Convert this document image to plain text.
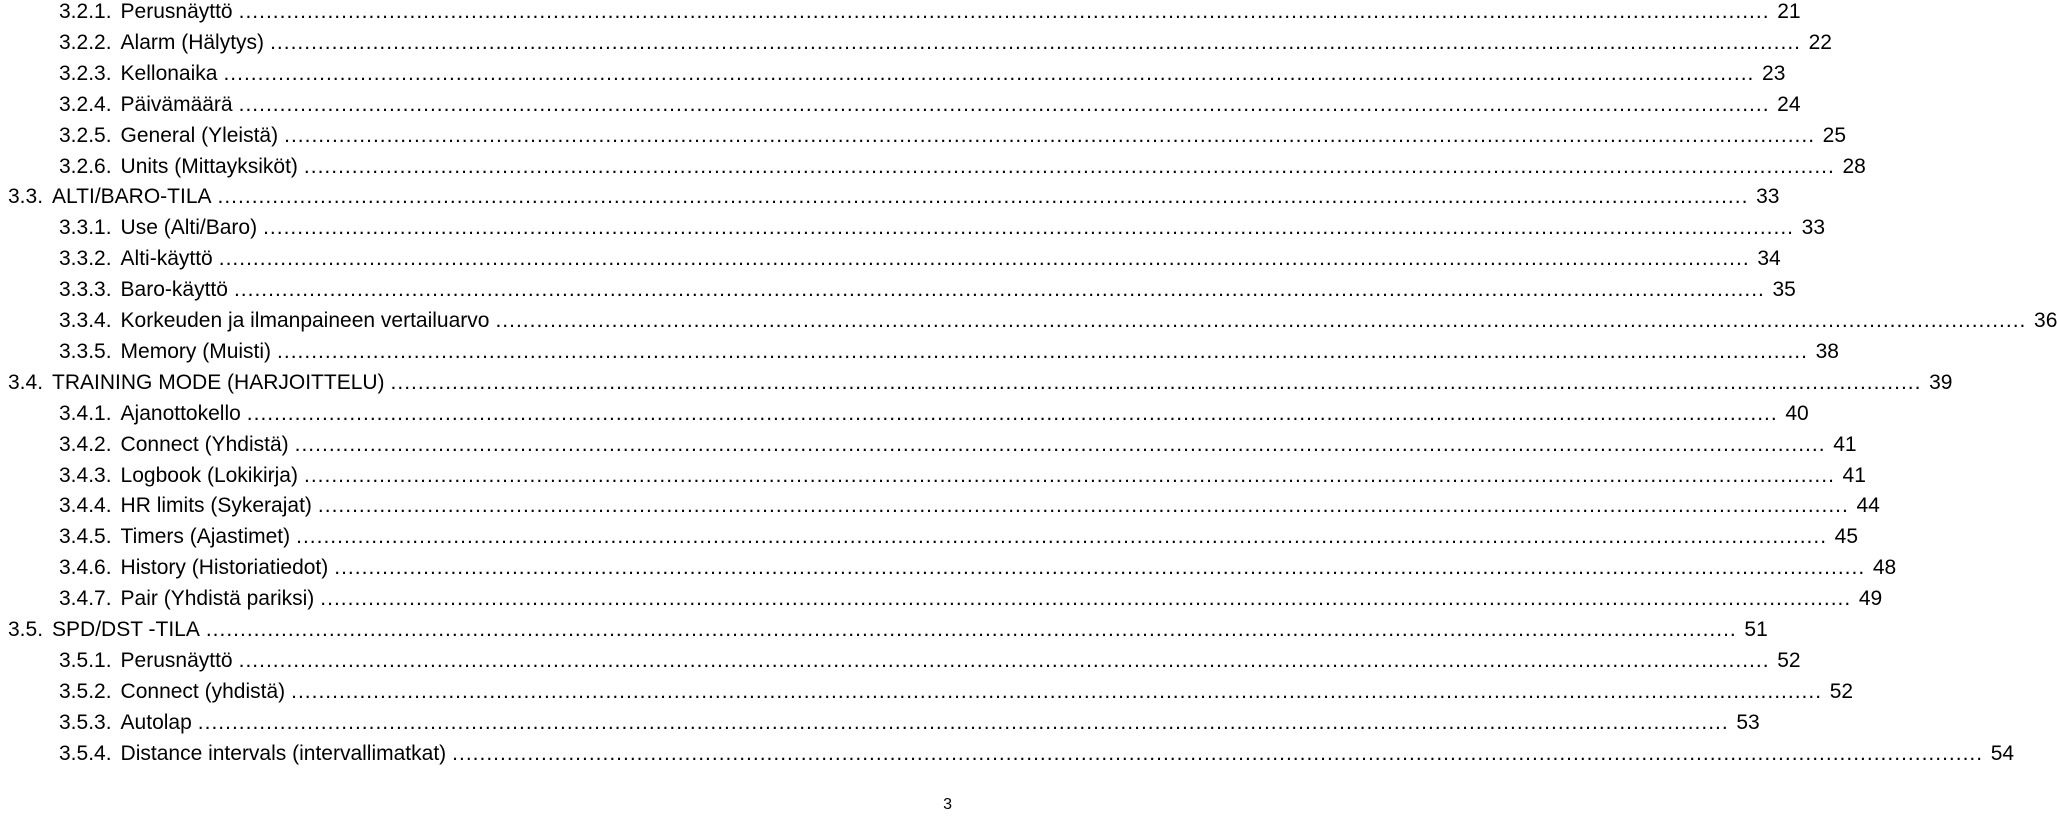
3.2.1. Perusnäyttö .....	21
3.2.2. Alarm (Hälytys) .....	22
3.2.3. Kellonaika .....	23
3.2.4. Päivämäärä .....	24
3.2.5. General (Yleistä) .....	25
3.2.6. Units (Mittayksiköt) .....	28
3.3. ALTI/BARO-TILA .....	33
3.3.1. Use (Alti/Baro) .....	33
3.3.2. Alti-käyttö .....	34
3.3.3. Baro-käyttö .....	35
3.3.4. Korkeuden ja ilmanpaineen vertailuarvo .....	36
3.3.5. Memory (Muisti) .....	38
3.4. TRAINING MODE (HARJOITTELU) .....	39
3.4.1. Ajanottokello .....	40
3.4.2. Connect (Yhdistä) .....	41
3.4.3. Logbook (Lokikirja) .....	41
3.4.4. HR limits (Sykerajat) .....	44
3.4.5. Timers (Ajastimet) .....	45
3.4.6. History (Historiatiedot) .....	48
3.4.7. Pair (Yhdistä pariksi) .....	49
3.5. SPD/DST -TILA .....	51
3.5.1. Perusnäyttö .....	52
3.5.2. Connect (yhdistä) .....	52
3.5.3. Autolap .....	53
3.5.4. Distance intervals (intervallimatkat) .....	54
3
